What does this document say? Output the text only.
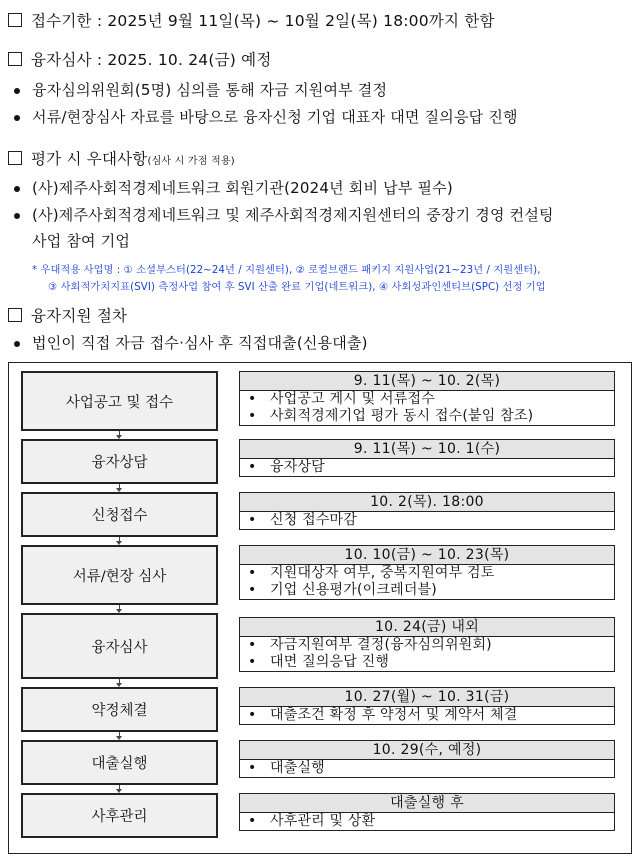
접수기한 : 2025년 9월 11일(목) ~ 10월 2일(목) 18:00까지 한함
융자심사 : 2025. 10. 24(금) 예정
융자심의위원회(5명) 심의를 통해 자금 지원여부 결정
서류/현장심사 자료를 바탕으로 융자신청 기업 대표자 대면 질의응답 진행
평가 시 우대사항(심사 시 가점 적용)
(사)제주사회적경제네트워크 회원기관(2024년 회비 납부 필수)
(사)제주사회적경제네트워크 및 제주사회적경제지원센터의 중장기 경영 컨설팅
사업 참여 기업
* 우대적용 사업명 : ① 소셜부스터(22~24년 / 지원센터), ② 로컬브랜드 패키지 지원사업(21~23년 / 지원센터),
③ 사회적가치지표(SVI) 측정사업 참여 후 SVI 산출 완료 기업(네트워크), ④ 사회성과인센티브(SPC) 선정 기업
융자지원 절차
법인이 직접 자금 접수·심사 후 직접대출(신용대출)
사업공고 및 접수
융자상담
신청접수
서류/현장 심사
융자심사
약정체결
대출실행
사후관리
9. 11(목) ~ 10. 2(목)
• 사업공고 게시 및 서류접수
• 사회적경제기업 평가 동시 접수(붙임 참조)
9. 11(목) ~ 10. 1(수)
• 융자상담
10. 2(목). 18:00
• 신청 접수마감
10. 10(금) ~ 10. 23(목)
• 지원대상자 여부, 중복지원여부 검토
• 기업 신용평가(이크레더블)
10. 24(금) 내외
• 자금지원여부 결정(융자심의위원회)
• 대면 질의응답 진행
10. 27(월) ~ 10. 31(금)
• 대출조건 확정 후 약정서 및 계약서 체결
10. 29(수, 예정)
• 대출실행
대출실행 후
• 사후관리 및 상환
